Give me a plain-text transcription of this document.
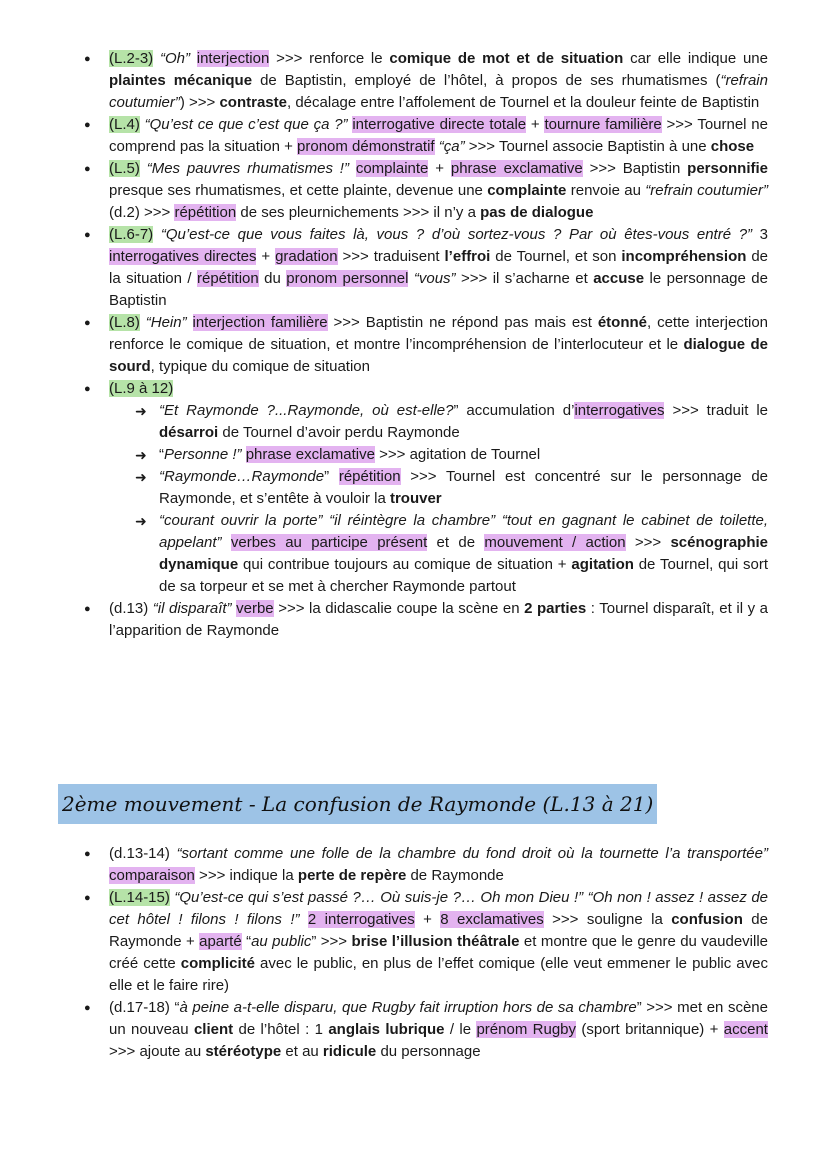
● (L.2-3) “Oh” interjection >>> renforce le comique de mot et de situation car elle indique une plaintes mécanique de Baptistin, employé de l’hôtel, à propos de ses rhumatismes (“refrain coutumier”) >>> contraste, décalage entre l’affolement de Tournel et la douleur feinte de Baptistin
● (L.4) “Qu’est ce que c’est que ça ?” interrogative directe totale + tournure familière >>> Tournel ne comprend pas la situation + pronom démonstratif “ça” >>> Tournel associe Baptistin à une chose
● (L.5) “Mes pauvres rhumatismes !” complainte + phrase exclamative >>> Baptistin personnifie presque ses rhumatismes, et cette plainte, devenue une complainte renvoie au “refrain coutumier” (d.2) >>> répétition de ses pleurnichements >>> il n’y a pas de dialogue
● (L.6-7) “Qu’est-ce que vous faites là, vous ? d’où sortez-vous ? Par où êtes-vous entré ?” 3 interrogatives directes + gradation >>> traduisent l’effroi de Tournel, et son incompréhension de la situation / répétition du pronom personnel “vous” >>> il s’acharne et accuse le personnage de Baptistin
● (L.8) “Hein” interjection familière >>> Baptistin ne répond pas mais est étonné, cette interjection renforce le comique de situation, et montre l’incompréhension de l’interlocuteur et le dialogue de sourd, typique du comique de situation
● (L.9 à 12)
➜ “Et Raymonde ?...Raymonde, où est-elle?” accumulation d’interrogatives >>> traduit le désarroi de Tournel d’avoir perdu Raymonde
➜ “Personne !” phrase exclamative >>> agitation de Tournel
➜ “Raymonde…Raymonde” répétition >>> Tournel est concentré sur le personnage de Raymonde, et s’entête à vouloir la trouver
➜ “courant ouvrir la porte” “il réintègre la chambre” “tout en gagnant le cabinet de toilette, appelant” verbes au participe présent et de mouvement / action >>> scénographie dynamique qui contribue toujours au comique de situation + agitation de Tournel, qui sort de sa torpeur et se met à chercher Raymonde partout
● (d.13) “il disparaît” verbe >>> la didascalie coupe la scène en 2 parties : Tournel disparaît, et il y a l’apparition de Raymonde
2ème mouvement - La confusion de Raymonde (L.13 à 21)
● (d.13-14) “sortant comme une folle de la chambre du fond droit où la tournette l’a transportée” comparaison >>> indique la perte de repère de Raymonde
● (L.14-15) “Qu’est-ce qui s’est passé ?… Où suis-je ?… Oh mon Dieu !” “Oh non ! assez ! assez de cet hôtel ! filons ! filons !” 2 interrogatives + 8 exclamatives >>> souligne la confusion de Raymonde + aparté “au public” >>> brise l’illusion théâtrale et montre que le genre du vaudeville créé cette complicité avec le public, en plus de l’effet comique (elle veut emmener le public avec elle et le faire rire)
● (d.17-18) “à peine a-t-elle disparu, que Rugby fait irruption hors de sa chambre” >>> met en scène un nouveau client de l’hôtel : 1 anglais lubrique / le prénom Rugby (sport britannique) + accent >>> ajoute au stéréotype et au ridicule du personnage
